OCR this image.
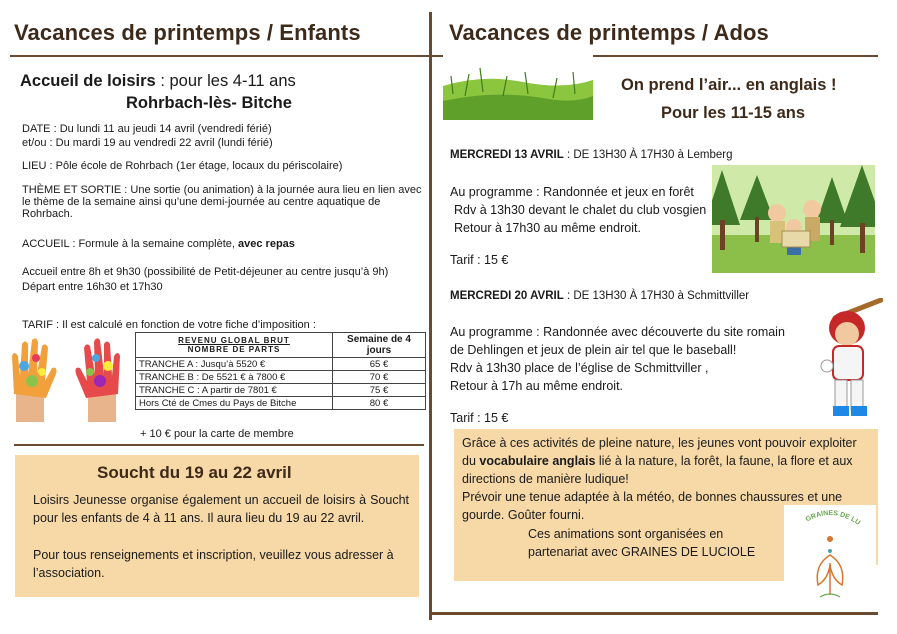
Vacances de printemps / Enfants
Accueil de loisirs : pour les 4-11 ans
Rohrbach-lès- Bitche
DATE : Du lundi 11 au jeudi 14 avril (vendredi férié)
et/ou : Du mardi 19 au vendredi 22 avril (lundi férié)
LIEU : Pôle école de Rohrbach (1er étage, locaux du périscolaire)
THÈME ET SORTIE : Une sortie (ou animation) à la journée aura lieu en lien avec le thème de la semaine ainsi qu’une demi-journée au centre aquatique de Rohrbach.
ACCUEIL : Formule à la semaine complète, avec repas
Accueil entre 8h et 9h30 (possibilité de Petit-déjeuner au centre jusqu’à 9h)
Départ entre 16h30 et 17h30
TARIF : Il est calculé en fonction de votre fiche d’imposition :
REVENU GLOBAL BRUT
NOMBRE DE PARTS	Semaine de 4 jours
TRANCHE A : Jusqu’à 5520 €	65 €
TRANCHE B : De 5521 € à 7800 €	70 €
TRANCHE C : A partir de 7801 €	75 €
Hors Cté de Cmes du Pays de Bitche	80 €
+ 10 € pour la carte de membre
Soucht du 19 au 22 avril
Loisirs Jeunesse organise également un accueil de loisirs à Soucht pour les enfants de 4 à 11 ans. Il aura lieu du 19 au 22 avril.
Pour tous renseignements et inscription, veuillez vous adresser à l’association.
Vacances de printemps / Ados
On prend l’air... en anglais !
Pour les 11-15 ans
MERCREDI 13 AVRIL : DE 13H30 À 17H30 à Lemberg
Au programme : Randonnée et jeux en forêt
Rdv à 13h30 devant le chalet du club vosgien
Retour à 17h30 au même endroit.
Tarif : 15 €
MERCREDI 20 AVRIL : DE 13H30 À 17H30 à Schmittviller
Au programme : Randonnée avec découverte du site romain
de Dehlingen et jeux de plein air tel que le baseball!
Rdv à 13h30 place de l’église de Schmittviller ,
Retour à 17h au même endroit.
Tarif : 15 €
Grâce à ces activités de pleine nature, les jeunes vont pouvoir exploiter du vocabulaire anglais lié à la nature, la forêt, la faune, la flore et aux directions de manière ludique!
Prévoir une tenue adaptée à la météo, de bonnes chaussures et une gourde. Goûter fourni.
Ces animations sont organisées en partenariat avec GRAINES DE LUCIOLE
GRAINES DE LU
